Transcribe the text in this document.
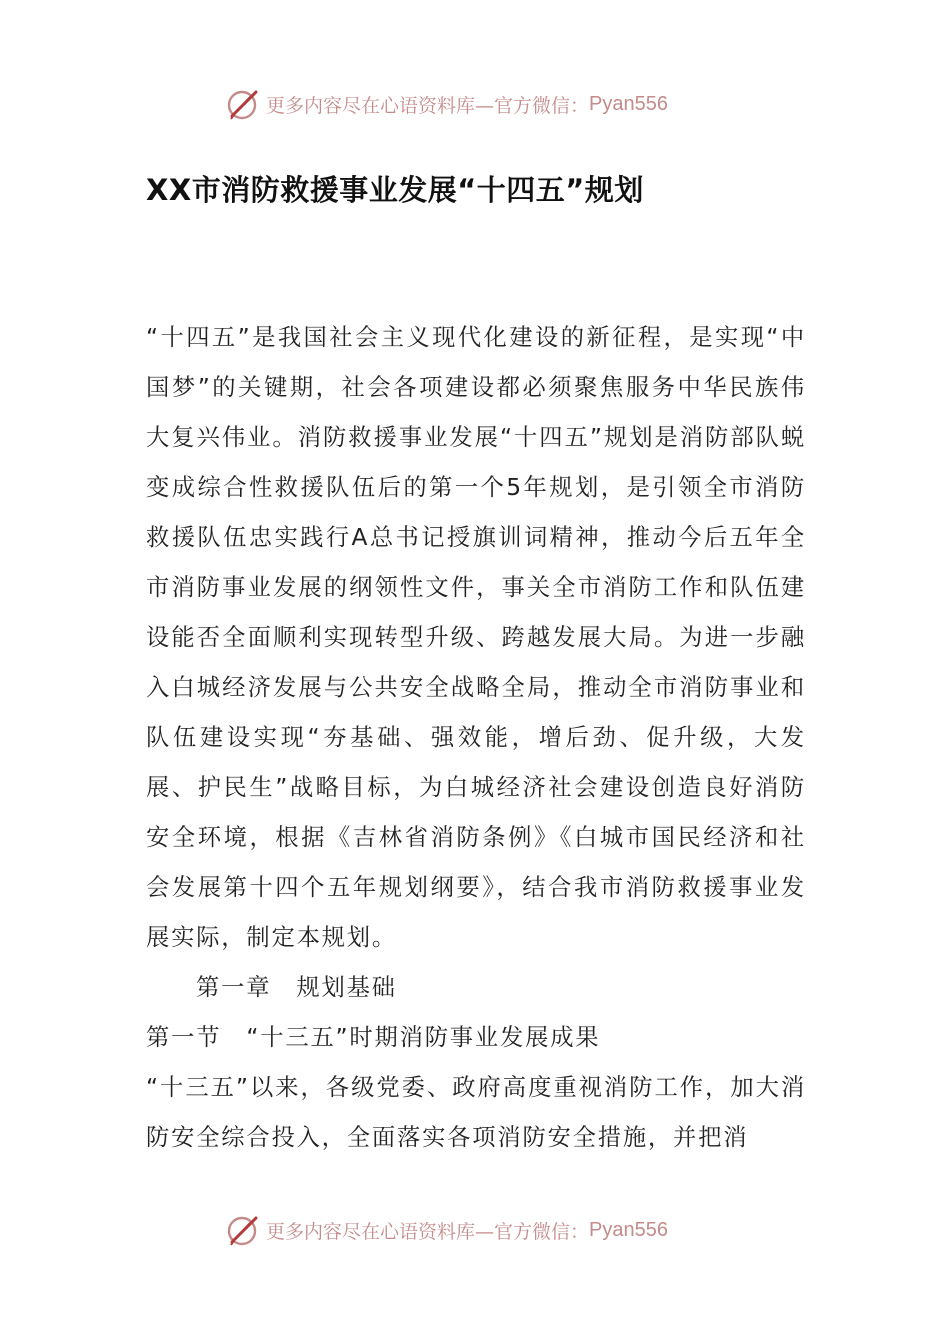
更多内容尽在心语资料库—官方微信： Pyan556
XX市消防救援事业发展“十四五”规划

“十四五”是我国社会主义现代化建设的新征程，是实现“中国梦”的关键期，社会各项建设都必须聚焦服务中华民族伟大复兴伟业。消防救援事业发展“十四五”规划是消防部队蜕变成综合性救援队伍后的第一个5年规划，是引领全市消防救援队伍忠实践行A总书记授旗训词精神，推动今后五年全市消防事业发展的纲领性文件，事关全市消防工作和队伍建设能否全面顺利实现转型升级、跨越发展大局。为进一步融入白城经济发展与公共安全战略全局，推动全市消防事业和队伍建设实现“夯基础、强效能，增后劲、促升级，大发展、护民生”战略目标，为白城经济社会建设创造良好消防安全环境，根据《吉林省消防条例》《白城市国民经济和社会发展第十四个五年规划纲要》，结合我市消防救援事业发展实际，制定本规划。

第一章　规划基础

第一节　“十三五”时期消防事业发展成果

“十三五”以来，各级党委、政府高度重视消防工作，加大消防安全综合投入，全面落实各项消防安全措施，并把消

更多内容尽在心语资料库—官方微信： Pyan556
